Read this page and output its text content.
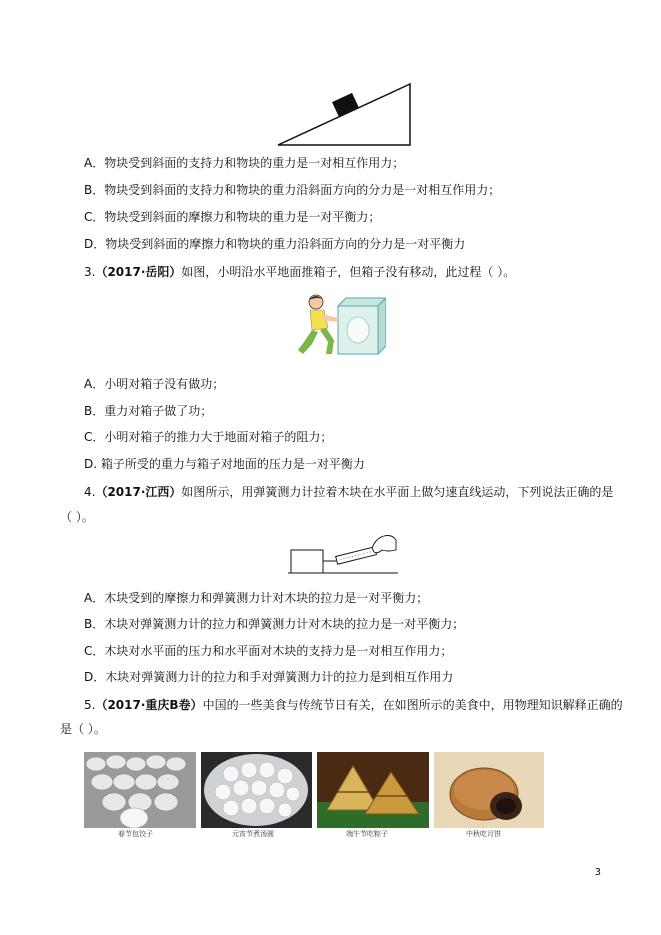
A．物块受到斜面的支持力和物块的重力是一对相互作用力；
B．物块受到斜面的支持力和物块的重力沿斜面方向的分力是一对相互作用力；
C．物块受到斜面的摩擦力和物块的重力是一对平衡力；
D．物块受到斜面的摩擦力和物块的重力沿斜面方向的分力是一对平衡力
3.（2017·岳阳）如图，小明沿水平地面推箱子，但箱子没有移动，此过程（ ）。
A．小明对箱子没有做功；
B．重力对箱子做了功；
C．小明对箱子的推力大于地面对箱子的阻力；
D. 箱子所受的重力与箱子对地面的压力是一对平衡力
4.（2017·江西）如图所示，用弹簧测力计拉着木块在水平面上做匀速直线运动，下列说法正确的是
（ ）。
A．木块受到的摩擦力和弹簧测力计对木块的拉力是一对平衡力；
B．木块对弹簧测力计的拉力和弹簧测力计对木块的拉力是一对平衡力；
C．木块对水平面的压力和水平面对木块的支持力是一对相互作用力；
D．木块对弹簧测力计的拉力和手对弹簧测力计的拉力是到相互作用力
5.（2017·重庆B卷）中国的一些美食与传统节日有关，在如图所示的美食中，用物理知识解释正确的
是（ ）。
春节包饺子	元宵节煮汤圆	端午节吃粽子	中秋吃月饼
3
